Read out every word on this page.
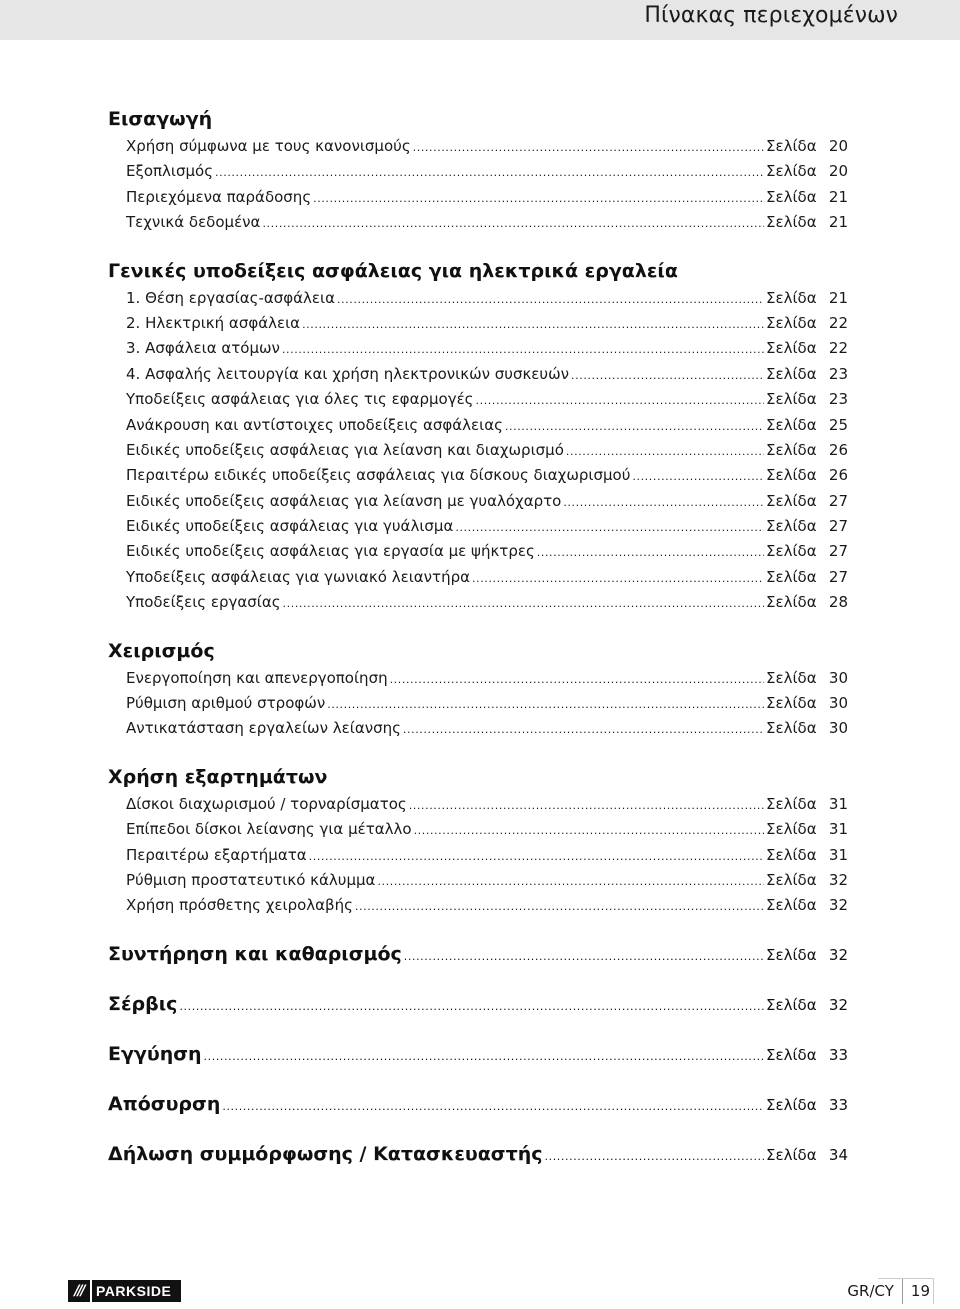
Πίνακας περιεχομένων
Εισαγωγή
Χρήση σύμφωνα με τους κανονισμούς .....	Σελίδα 20
Εξοπλισμός .....	Σελίδα 20
Περιεχόμενα παράδοσης .....	Σελίδα 21
Τεχνικά δεδομένα .....	Σελίδα 21
Γενικές υποδείξεις ασφάλειας για ηλεκτρικά εργαλεία
1. Θέση εργασίας-ασφάλεια .....	Σελίδα 21
2. Ηλεκτρική ασφάλεια .....	Σελίδα 22
3. Ασφάλεια ατόμων .....	Σελίδα 22
4. Ασφαλής λειτουργία και χρήση ηλεκτρονικών συσκευών .....	Σελίδα 23
Υποδείξεις ασφάλειας για όλες τις εφαρμογές .....	Σελίδα 23
Ανάκρουση και αντίστοιχες υποδείξεις ασφάλειας .....	Σελίδα 25
Ειδικές υποδείξεις ασφάλειας για λείανση και διαχωρισμό .....	Σελίδα 26
Περαιτέρω ειδικές υποδείξεις ασφάλειας για δίσκους διαχωρισμού .....	Σελίδα 26
Ειδικές υποδείξεις ασφάλειας για λείανση με γυαλόχαρτο .....	Σελίδα 27
Ειδικές υποδείξεις ασφάλειας για γυάλισμα .....	Σελίδα 27
Ειδικές υποδείξεις ασφάλειας για εργασία με ψήκτρες .....	Σελίδα 27
Υποδείξεις ασφάλειας για γωνιακό λειαντήρα .....	Σελίδα 27
Υποδείξεις εργασίας .....	Σελίδα 28
Χειρισμός
Ενεργοποίηση και απενεργοποίηση .....	Σελίδα 30
Ρύθμιση αριθμού στροφών .....	Σελίδα 30
Αντικατάσταση εργαλείων λείανσης .....	Σελίδα 30
Χρήση εξαρτημάτων
Δίσκοι διαχωρισμού / τορναρίσματος .....	Σελίδα 31
Επίπεδοι δίσκοι λείανσης για μέταλλο .....	Σελίδα 31
Περαιτέρω εξαρτήματα .....	Σελίδα 31
Ρύθμιση προστατευτικό κάλυμμα .....	Σελίδα 32
Χρήση πρόσθετης χειρολαβής .....	Σελίδα 32
Συντήρηση και καθαρισμός .....	Σελίδα 32
Σέρβις .....	Σελίδα 32
Εγγύηση .....	Σελίδα 33
Απόσυρση .....	Σελίδα 33
Δήλωση συμμόρφωσης / Κατασκευαστής .....	Σελίδα 34
/// PARKSIDE	GR/CY	19
